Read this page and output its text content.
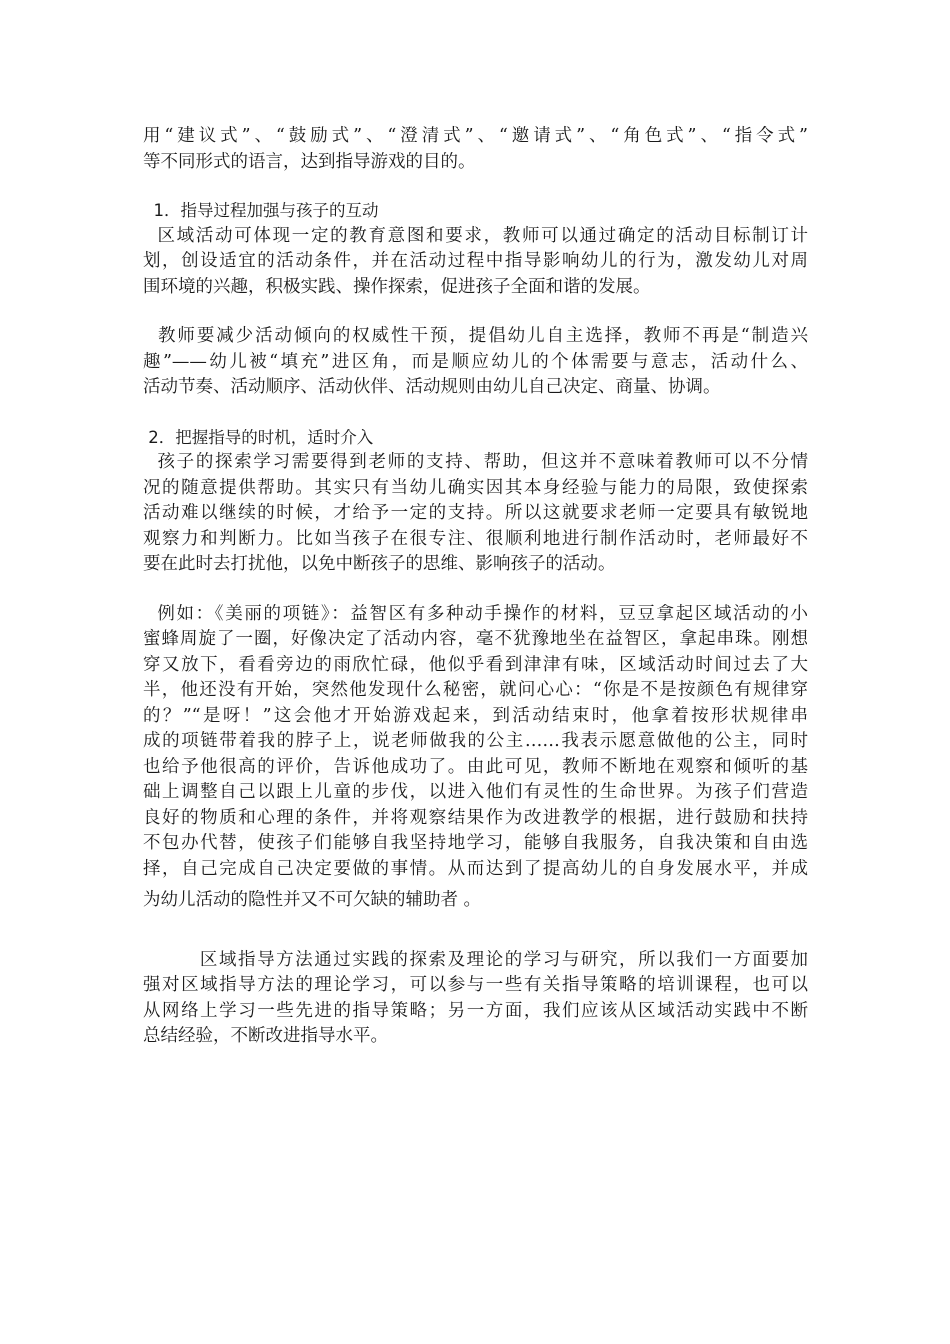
用“建议式”、“鼓励式”、“澄清式”、“邀请式”、“角色式”、“指令式”
等不同形式的语言，达到指导游戏的目的。
1．指导过程加强与孩子的互动
区域活动可体现一定的教育意图和要求，教师可以通过确定的活动目标制订计
划，创设适宜的活动条件，并在活动过程中指导影响幼儿的行为，激发幼儿对周
围环境的兴趣，积极实践、操作探索，促进孩子全面和谐的发展。
教师要减少活动倾向的权威性干预，提倡幼儿自主选择，教师不再是“制造兴
趣”——幼儿被“填充”进区角，而是顺应幼儿的个体需要与意志，活动什么、
活动节奏、活动顺序、活动伙伴、活动规则由幼儿自己决定、商量、协调。
2．把握指导的时机，适时介入
孩子的探索学习需要得到老师的支持、帮助，但这并不意味着教师可以不分情
况的随意提供帮助。其实只有当幼儿确实因其本身经验与能力的局限，致使探索
活动难以继续的时候，才给予一定的支持。所以这就要求老师一定要具有敏锐地
观察力和判断力。比如当孩子在很专注、很顺利地进行制作活动时，老师最好不
要在此时去打扰他，以免中断孩子的思维、影响孩子的活动。
例如：《美丽的项链》：益智区有多种动手操作的材料，豆豆拿起区域活动的小
蜜蜂周旋了一圈，好像决定了活动内容，毫不犹豫地坐在益智区，拿起串珠。刚想
穿又放下，看看旁边的雨欣忙碌，他似乎看到津津有味，区域活动时间过去了大
半，他还没有开始，突然他发现什么秘密，就问心心：“你是不是按颜色有规律穿
的？”“是呀！”这会他才开始游戏起来，到活动结束时，他拿着按形状规律串
成的项链带着我的脖子上，说老师做我的公主……我表示愿意做他的公主，同时
也给予他很高的评价，告诉他成功了。由此可见，教师不断地在观察和倾听的基
础上调整自己以跟上儿童的步伐，以进入他们有灵性的生命世界。为孩子们营造
良好的物质和心理的条件，并将观察结果作为改进教学的根据，进行鼓励和扶持
不包办代替，使孩子们能够自我坚持地学习，能够自我服务，自我决策和自由选
择，自己完成自己决定要做的事情。从而达到了提高幼儿的自身发展水平，并成
为幼儿活动的隐性并又不可欠缺的辅助者 。
区域指导方法通过实践的探索及理论的学习与研究，所以我们一方面要加
强对区域指导方法的理论学习，可以参与一些有关指导策略的培训课程，也可以
从网络上学习一些先进的指导策略；另一方面，我们应该从区域活动实践中不断
总结经验，不断改进指导水平。
